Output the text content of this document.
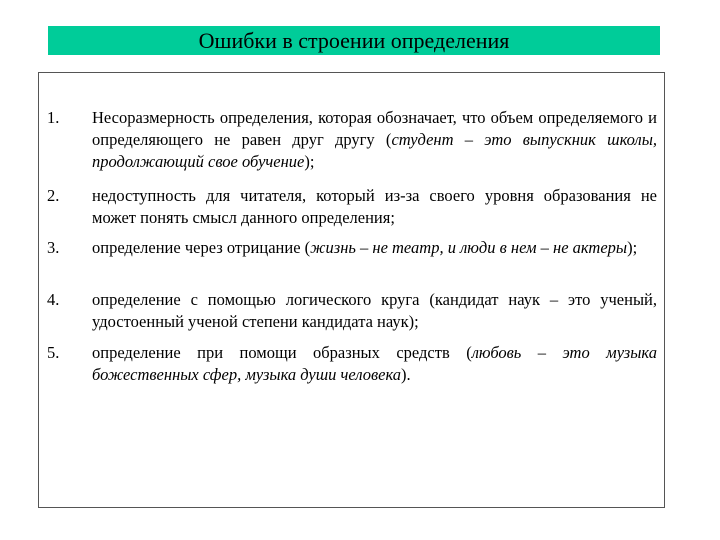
Ошибки в строении определения
1. Несоразмерность определения, которая обозначает, что объем определяемого и определяющего не равен друг другу (студент – это выпускник школы, продолжающий свое обучение);
2. недоступность для читателя, который из-за своего уровня образования не может понять смысл данного определения;
3. определение через отрицание (жизнь – не театр, и люди в нем – не актеры);
4. определение с помощью логического круга (кандидат наук – это ученый, удостоенный ученой степени кандидата наук);
5. определение при помощи образных средств (любовь – это музыка божественных сфер, музыка души человека).
